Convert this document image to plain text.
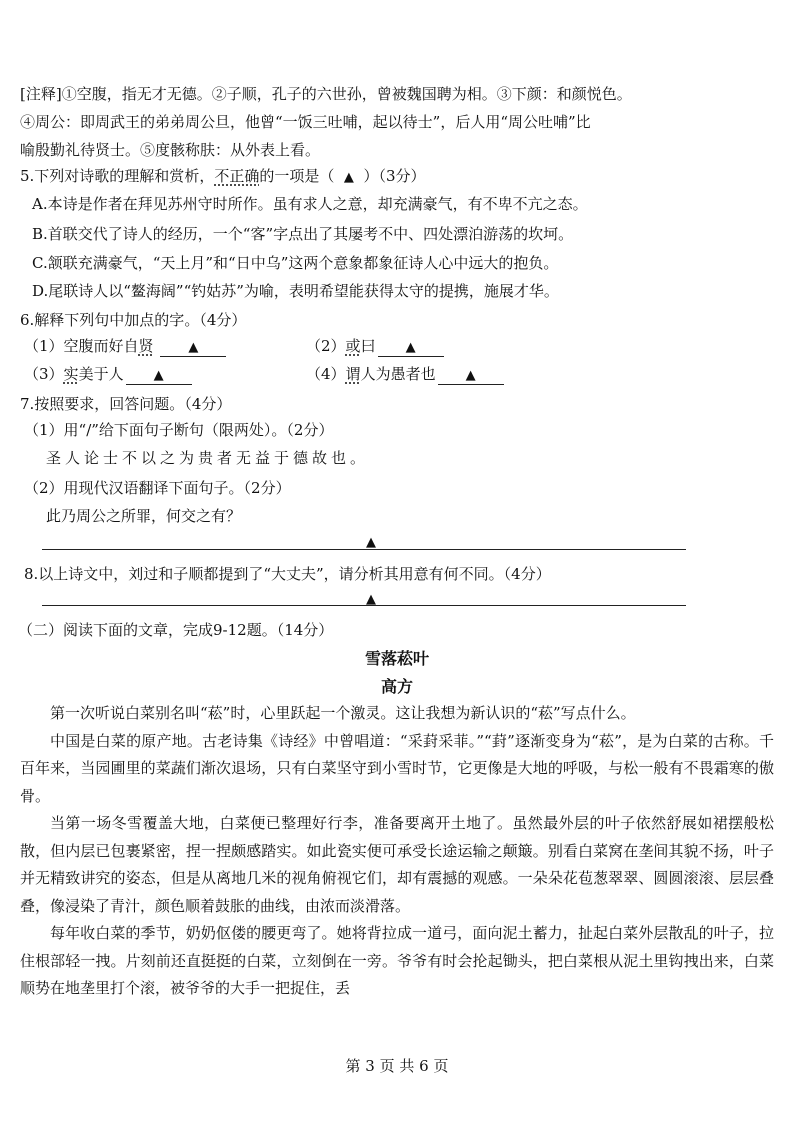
[注释]①空腹，指无才无德。②子顺，孔子的六世孙，曾被魏国聘为相。③下颜：和颜悦色。
④周公：即周武王的弟弟周公旦，他曾“一饭三吐哺，起以待士”，后人用“周公吐哺”比
喻殷勤礼待贤士。⑤度骸称肤：从外表上看。
5.下列对诗歌的理解和赏析，不正确的一项是（ ▲ ）（3分）
A.本诗是作者在拜见苏州守时所作。虽有求人之意，却充满豪气，有不卑不亢之态。
B.首联交代了诗人的经历，一个“客”字点出了其屡考不中、四处漂泊游荡的坎坷。
C.颔联充满豪气，“天上月”和“日中乌”这两个意象都象征诗人心中远大的抱负。
D.尾联诗人以“鳌海阔”“钓姑苏”为喻，表明希望能获得太守的提携，施展才华。
6.解释下列句中加点的字。（4分）
（1）空腹而好自贤	▲	（2）或曰 ▲
（3）实美于人 ▲	（4）谓人为愚者也 ▲
7.按照要求，回答问题。（4分）
（1）用“/”给下面句子断句（限两处）。（2分）
圣人论士不以之为贵者无益于德故也。
（2）用现代汉语翻译下面句子。（2分）
此乃周公之所罪，何交之有？
▲
8.以上诗文中，刘过和子顺都提到了“大丈夫”，请分析其用意有何不同。（4分）
▲
（二）阅读下面的文章，完成9-12题。（14分）
雪落菘叶
高方

第一次听说白菜别名叫“菘”时，心里跃起一个激灵。这让我想为新认识的“菘”写点什么。

中国是白菜的原产地。古老诗集《诗经》中曾唱道：“采葑采菲。”“葑”逐渐变身为“菘”，是为白菜的古称。千百年来，当园圃里的菜蔬们渐次退场，只有白菜坚守到小雪时节，它更像是大地的呼吸，与松一般有不畏霜寒的傲骨。

当第一场冬雪覆盖大地，白菜便已整理好行李，准备要离开土地了。虽然最外层的叶子依然舒展如裙摆般松散，但内层已包裹紧密，捏一捏颇感踏实。如此瓷实便可承受长途运输之颠簸。别看白菜窝在垄间其貌不扬，叶子并无精致讲究的姿态，但是从离地几米的视角俯视它们，却有震撼的观感。一朵朵花苞葱翠翠、圆圆滚滚、层层叠叠，像浸染了青汁，颜色顺着鼓胀的曲线，由浓而淡滑落。

每年收白菜的季节，奶奶伛偻的腰更弯了。她将背拉成一道弓，面向泥土蓄力，扯起白菜外层散乱的叶子，拉住根部轻一拽。片刻前还直挺挺的白菜，立刻倒在一旁。爷爷有时会抡起锄头，把白菜根从泥土里钩拽出来，白菜顺势在地垄里打个滚，被爷爷的大手一把捉住，丢

第 3 页 共 6 页
